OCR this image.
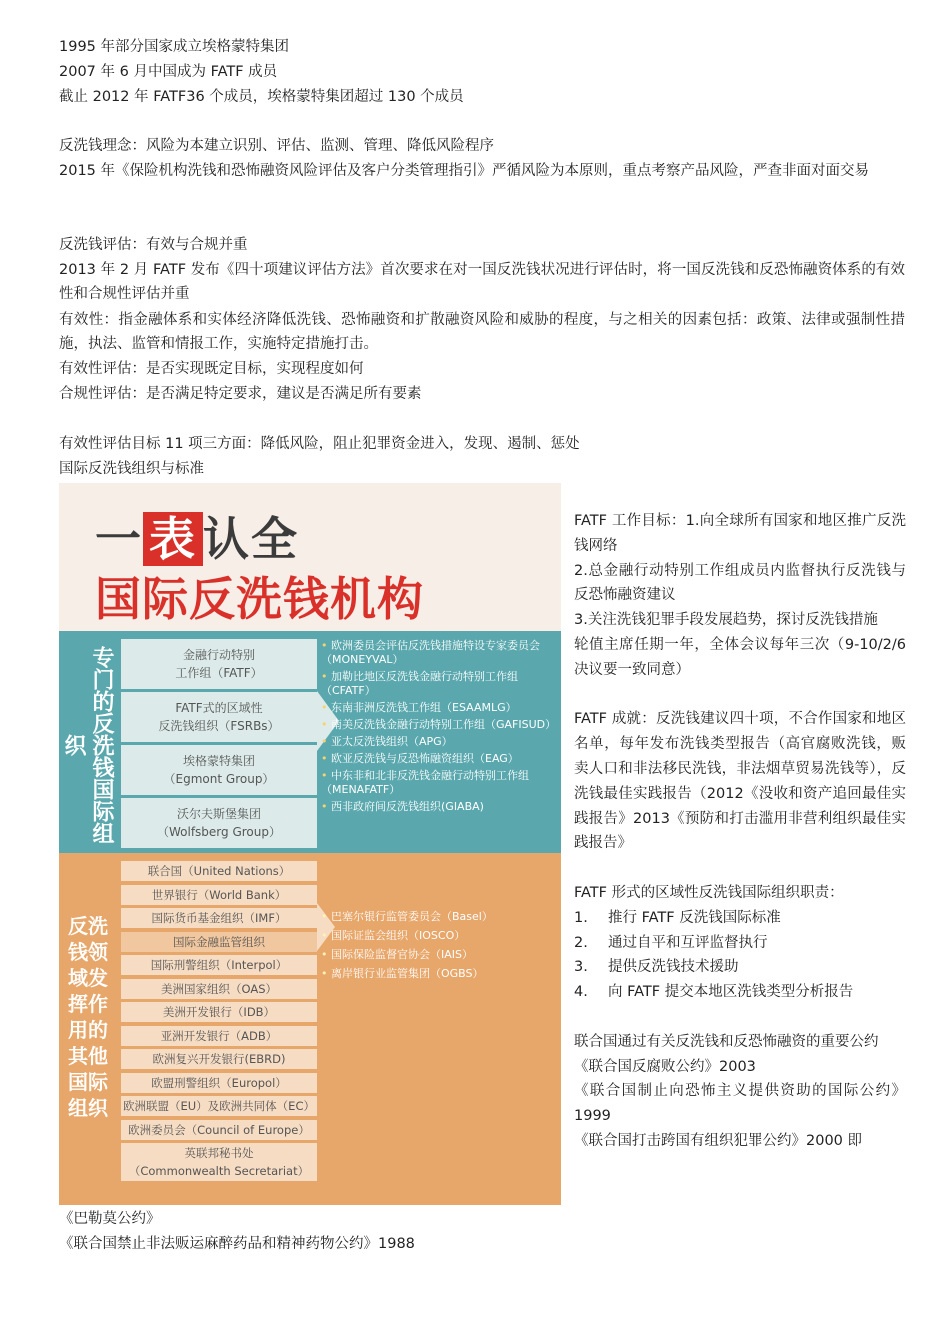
1995 年部分国家成立埃格蒙特集团
2007 年 6 月中国成为 FATF 成员
截止 2012 年 FATF36 个成员，埃格蒙特集团超过 130 个成员
反洗钱理念：风险为本建立识别、评估、监测、管理、降低风险程序
2015 年《保险机构洗钱和恐怖融资风险评估及客户分类管理指引》严循风险为本原则，重点考察产品风险，严查非面对面交易
反洗钱评估：有效与合规并重
2013 年 2 月 FATF 发布《四十项建议评估方法》首次要求在对一国反洗钱状况进行评估时，将一国反洗钱和反恐怖融资体系的有效性和合规性评估并重
有效性：指金融体系和实体经济降低洗钱、恐怖融资和扩散融资风险和威胁的程度，与之相关的因素包括：政策、法律或强制性措施，执法、监管和情报工作，实施特定措施打击。
有效性评估：是否实现既定目标，实现程度如何
合规性评估：是否满足特定要求，建议是否满足所有要素
有效性评估目标 11 项三方面：降低风险，阻止犯罪资金进入，发现、遏制、惩处
国际反洗钱组织与标准
一 表 认全
国际反洗钱机构
专门的反洗钱国际组织
金融行动特别
工作组（FATF）
FATF式的区域性
反洗钱组织（FSRBs）
埃格蒙特集团
（Egmont Group）
沃尔夫斯堡集团
（Wolfsberg Group）
• 欧洲委员会评估反洗钱措施特设专家委员会（MONEYVAL）
• 加勒比地区反洗钱金融行动特别工作组（CFATF）
• 东南非洲反洗钱工作组（ESAAMLG）
• 南美反洗钱金融行动特别工作组（GAFISUD）
• 亚太反洗钱组织（APG）
• 欧亚反洗钱与反恐怖融资组织（EAG）
• 中东非和北非反洗钱金融行动特别工作组（MENAFATF）
• 西非政府间反洗钱组织(GIABA)
反洗钱领域发挥作用的其他国际组织
联合国（United Nations）
世界银行（World Bank）
国际货币基金组织（IMF）
国际金融监管组织
国际刑警组织（Interpol）
美洲国家组织（OAS）
美洲开发银行（IDB）
亚洲开发银行（ADB）
欧洲复兴开发银行(EBRD)
欧盟刑警组织（Europol）
欧洲联盟（EU）及欧洲共同体（EC）
欧洲委员会（Council of Europe）
英联邦秘书处
（Commonwealth Secretariat）
• 巴塞尔银行监管委员会（Basel）
• 国际证监会组织（IOSCO）
• 国际保险监督官协会（IAIS）
• 离岸银行业监管集团（OGBS）

FATF 工作目标：1.向全球所有国家和地区推广反洗钱网络

2.总金融行动特别工作组成员内监督执行反洗钱与反恐怖融资建议

3.关注洗钱犯罪手段发展趋势，探讨反洗钱措施

轮值主席任期一年，全体会议每年三次（9-10/2/6 决议要一致同意）

FATF 成就：反洗钱建议四十项，不合作国家和地区名单，每年发布洗钱类型报告（高官腐败洗钱，贩卖人口和非法移民洗钱，非法烟草贸易洗钱等），反洗钱最佳实践报告（2012《没收和资产追回最佳实践报告》2013《预防和打击滥用非营利组织最佳实践报告》

FATF 形式的区域性反洗钱国际组织职责：

1.	推行 FATF 反洗钱国际标准
2.	通过自平和互评监督执行
3.	提供反洗钱技术援助
4.	向 FATF 提交本地区洗钱类型分析报告

联合国通过有关反洗钱和反恐怖融资的重要公约

《联合国反腐败公约》2003

《联合国制止向恐怖主义提供资助的国际公约》1999

《联合国打击跨国有组织犯罪公约》2000 即

《巴勒莫公约》
《联合国禁止非法贩运麻醉药品和精神药物公约》1988
